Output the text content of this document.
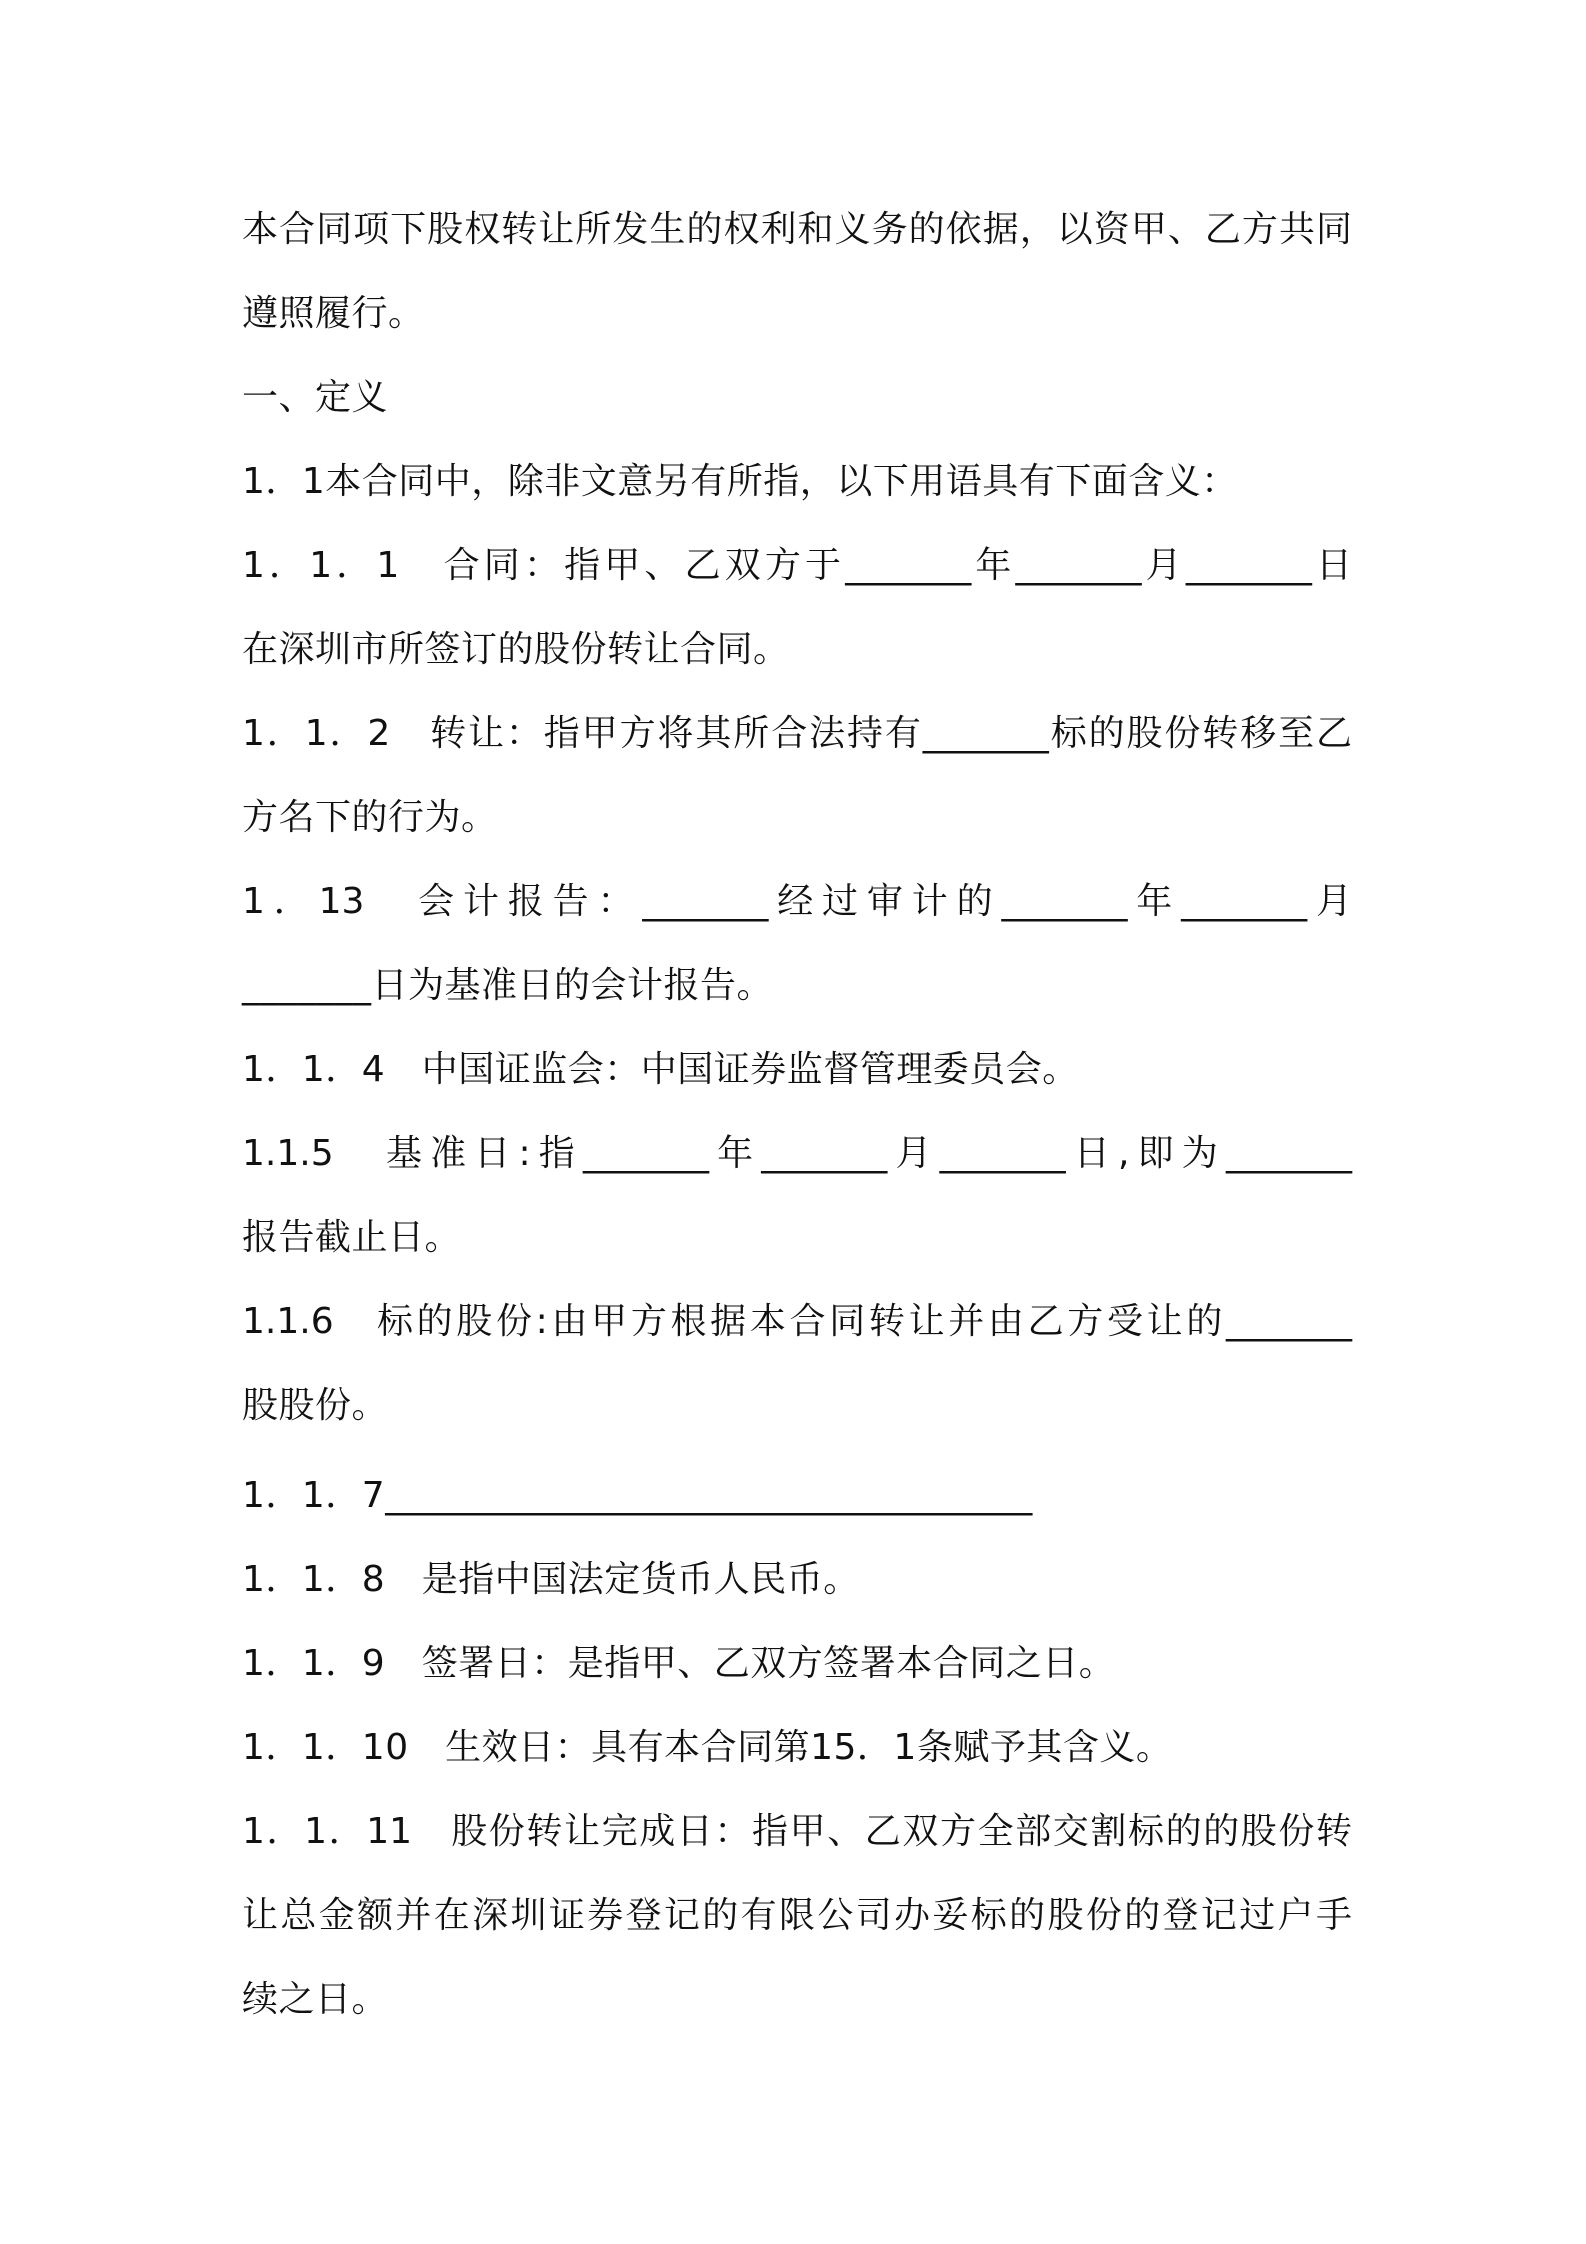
本合同项下股权转让所发生的权利和义务的依据，以资甲、乙方共同
遵照履行。
一、定义
1．1本合同中，除非文意另有所指，以下用语具有下面含义：
1．1．1　合同：指甲、乙双方于_______年_______月_______日
在深圳市所签订的股份转让合同。
1．1．2　转让：指甲方将其所合法持有_______标的股份转移至乙
方名下的行为。
1．13　会计报告：_______经过审计的_______年_______月
_______日为基准日的会计报告。
1．1．4　中国证监会：中国证券监督管理委员会。
1.1.5　基准日:指_______年_______月_______日,即为_______
报告截止日。
1.1.6　标的股份:由甲方根据本合同转让并由乙方受让的_______
股股份。
1．1．7___________________________________
1．1．8　是指中国法定货币人民币。
1．1．9　签署日：是指甲、乙双方签署本合同之日。
1．1．10　生效日：具有本合同第15．1条赋予其含义。
1．1．11　股份转让完成日：指甲、乙双方全部交割标的的股份转
让总金额并在深圳证券登记的有限公司办妥标的股份的登记过户手
续之日。
